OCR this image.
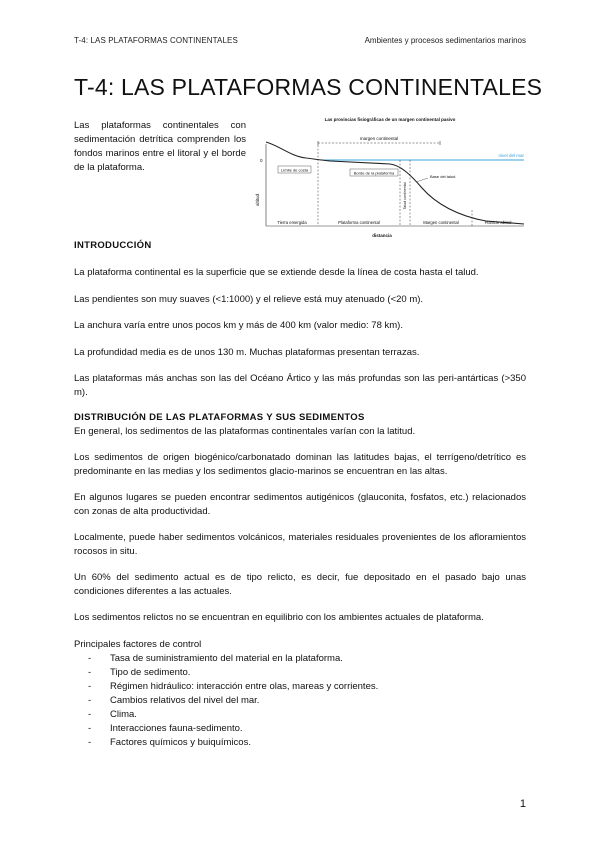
T-4: LAS PLATAFORMAS CONTINENTALES	Ambientes y procesos sedimentarios marinos
T-4: LAS PLATAFORMAS CONTINENTALES

Las plataformas continentales con sedimentación detrítica comprenden los fondos marinos entre el litoral y el borde de la plataforma.

Las provincias fisiográficas de un margen continental pasivo
margen continental
0
nivel del mar
altitud
distancia
Límite de costa
Borde de la plataforma
Base del talud
Tierra emergida	Plataforma continental
Talud continental
Margen continental	Planicie abisal
INTRODUCCIÓN

La plataforma continental es la superficie que se extiende desde la línea de costa hasta el talud.

Las pendientes son muy suaves (<1:1000) y el relieve está muy atenuado (<20 m).

La anchura varía entre unos pocos km y más de 400 km (valor medio: 78 km).

La profundidad media es de unos 130 m. Muchas plataformas presentan terrazas.

Las plataformas más anchas son las del Océano Ártico y las más profundas son las peri-antárticas (>350 m).

DISTRIBUCIÓN DE LAS PLATAFORMAS Y SUS SEDIMENTOS

En general, los sedimentos de las plataformas continentales varían con la latitud.

Los sedimentos de origen biogénico/carbonatado dominan las latitudes bajas, el terrígeno/detrítico es predominante en las medias y los sedimentos glacio-marinos se encuentran en las altas.

En algunos lugares se pueden encontrar sedimentos autigénicos (glauconita, fosfatos, etc.) relacionados con zonas de alta productividad.

Localmente, puede haber sedimentos volcánicos, materiales residuales provenientes de los afloramientos rocosos in situ.

Un 60% del sedimento actual es de tipo relicto, es decir, fue depositado en el pasado bajo unas condiciones diferentes a las actuales.

Los sedimentos relictos no se encuentran en equilibrio con los ambientes actuales de plataforma.

Principales factores de control

- Tasa de suministramiento del material en la plataforma.
- Tipo de sedimento.
- Régimen hidráulico: interacción entre olas, mareas y corrientes.
- Cambios relativos del nivel del mar.
- Clima.
- Interacciones fauna-sedimento.
- Factores químicos y buiquímicos.
1
